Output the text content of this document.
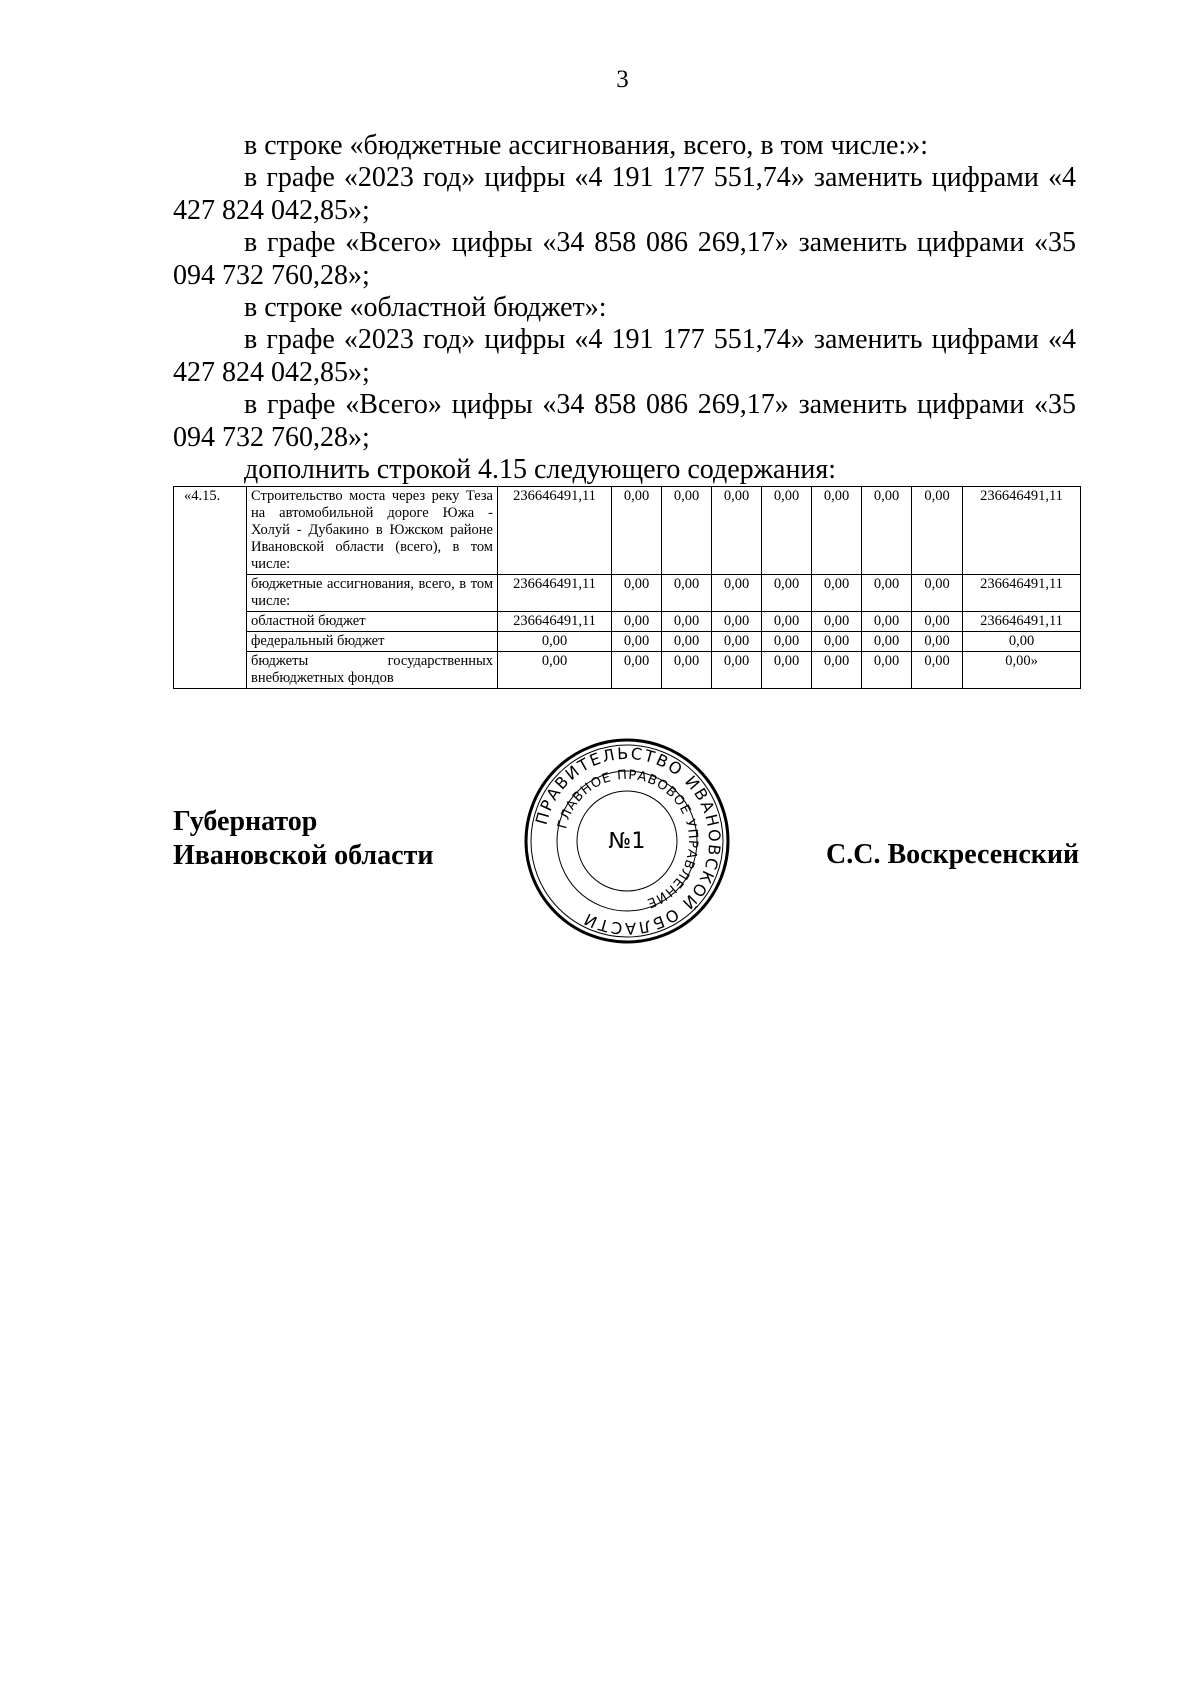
3

в строке «бюджетные ассигнования, всего, в том числе:»:

в графе «2023 год» цифры «4 191 177 551,74» заменить цифрами «4 427 824 042,85»;

в графе «Всего» цифры «34 858 086 269,17» заменить цифрами «35 094 732 760,28»;

в строке «областной бюджет»:

в графе «2023 год» цифры «4 191 177 551,74» заменить цифрами «4 427 824 042,85»;

в графе «Всего» цифры «34 858 086 269,17» заменить цифрами «35 094 732 760,28»;

дополнить строкой 4.15 следующего содержания:

«4.15.	Строительство моста через реку Теза на автомобильной дороге Южа - Холуй - Дубакино в Южском районе Ивановской области (всего), в том числе:	236646491,11	0,00	0,00	0,00	0,00	0,00	0,00	0,00	236646491,11
	бюджетные ассигнования, всего, в том числе:	236646491,11	0,00	0,00	0,00	0,00	0,00	0,00	0,00	236646491,11
	областной бюджет	236646491,11	0,00	0,00	0,00	0,00	0,00	0,00	0,00	236646491,11
	федеральный бюджет	0,00	0,00	0,00	0,00	0,00	0,00	0,00	0,00	0,00
	бюджеты государственных внебюджетных фондов	0,00	0,00	0,00	0,00	0,00	0,00	0,00	0,00	0,00»
Губернатор
Ивановской области	С.С. Воскресенский
ПРАВИТЕЛЬСТВО ИВАНОВСКОЙ ОБЛАСТИ
ГЛАВНОЕ ПРАВОВОЕ УПРАВЛЕНИЕ
№1
